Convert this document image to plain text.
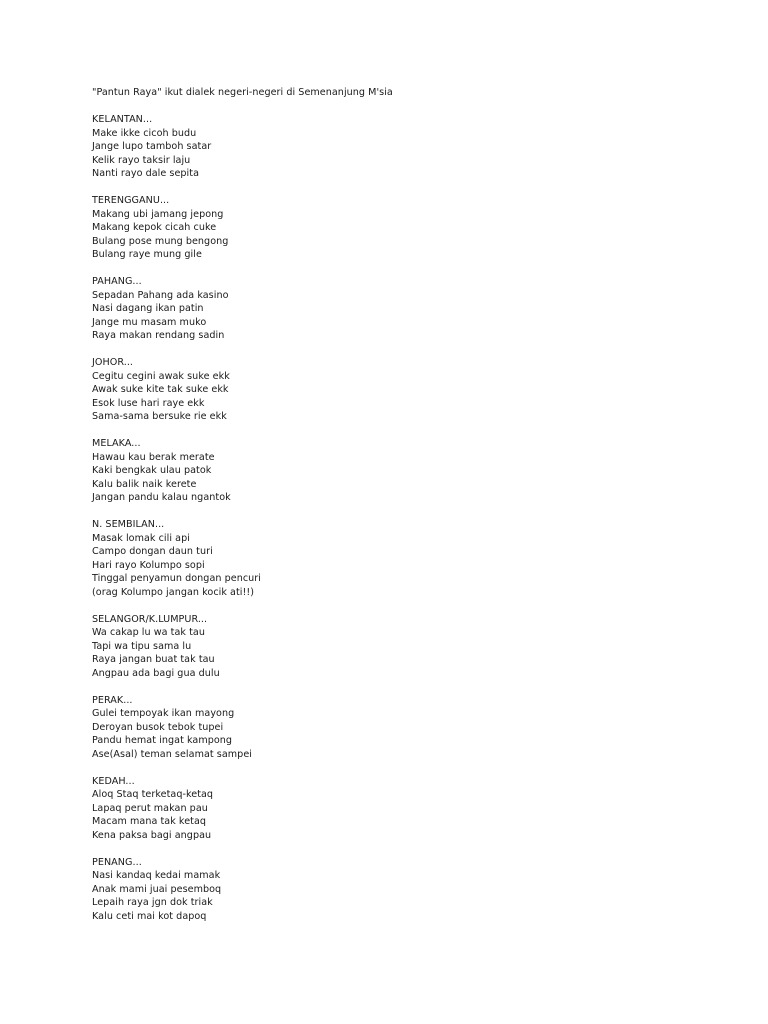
"Pantun Raya" ikut dialek negeri-negeri di Semenanjung M'sia
KELANTAN...
Make ikke cicoh budu
Jange lupo tamboh satar
Kelik rayo taksir laju
Nanti rayo dale sepita
TERENGGANU...
Makang ubi jamang jepong
Makang kepok cicah cuke
Bulang pose mung bengong
Bulang raye mung gile
PAHANG...
Sepadan Pahang ada kasino
Nasi dagang ikan patin
Jange mu masam muko
Raya makan rendang sadin
JOHOR...
Cegitu cegini awak suke ekk
Awak suke kite tak suke ekk
Esok luse hari raye ekk
Sama-sama bersuke rie ekk
MELAKA...
Hawau kau berak merate
Kaki bengkak ulau patok
Kalu balik naik kerete
Jangan pandu kalau ngantok
N. SEMBILAN...
Masak lomak cili api
Campo dongan daun turi
Hari rayo Kolumpo sopi
Tinggal penyamun dongan pencuri
(orag Kolumpo jangan kocik ati!!)
SELANGOR/K.LUMPUR...
Wa cakap lu wa tak tau
Tapi wa tipu sama lu
Raya jangan buat tak tau
Angpau ada bagi gua dulu
PERAK...
Gulei tempoyak ikan mayong
Deroyan busok tebok tupei
Pandu hemat ingat kampong
Ase(Asal) teman selamat sampei
KEDAH...
Aloq Staq terketaq-ketaq
Lapaq perut makan pau
Macam mana tak ketaq
Kena paksa bagi angpau
PENANG...
Nasi kandaq kedai mamak
Anak mami juai pesemboq
Lepaih raya jgn dok triak
Kalu ceti mai kot dapoq
